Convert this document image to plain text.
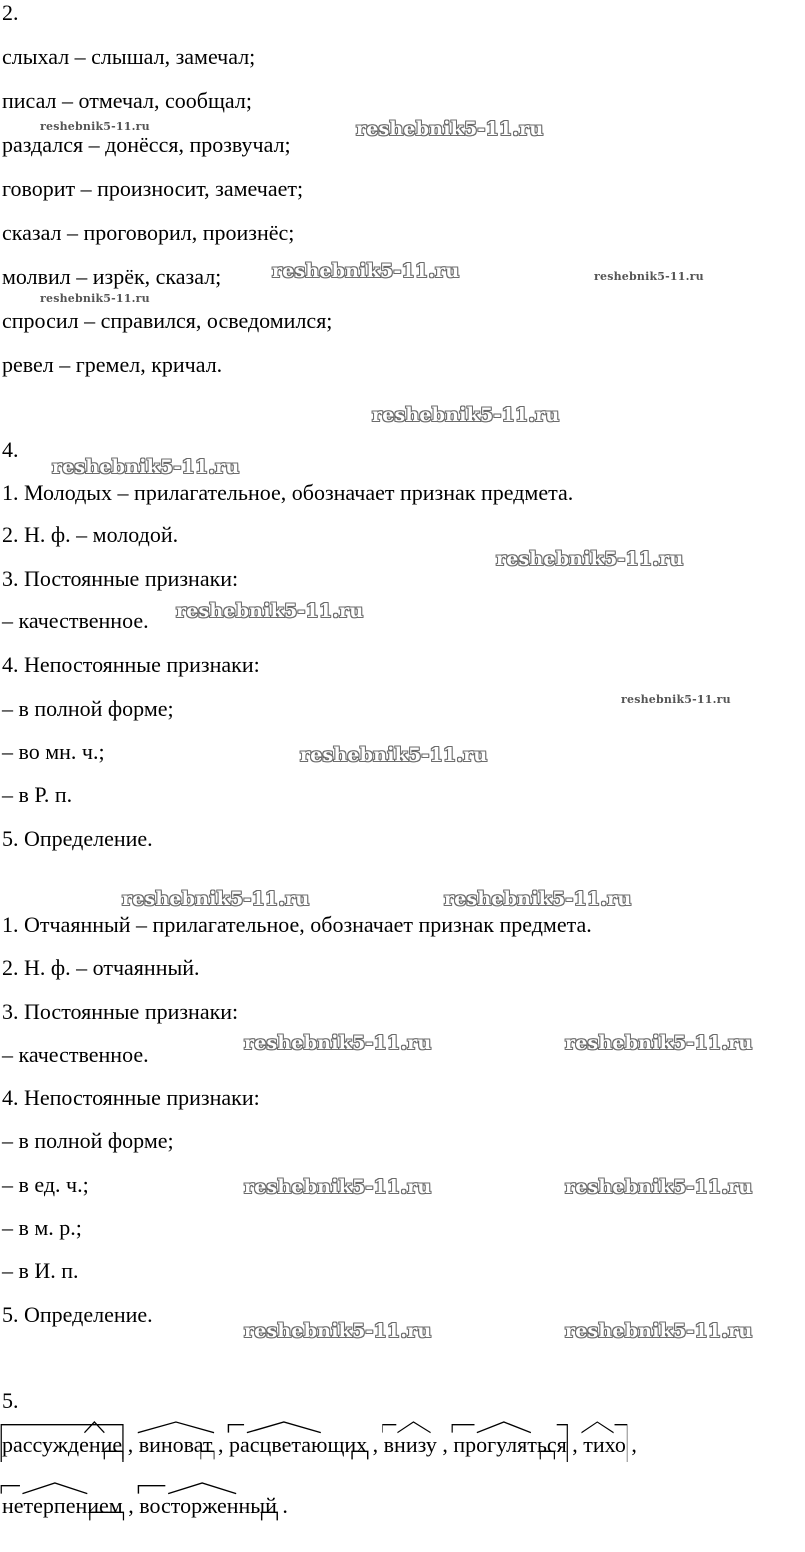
2.
слыхал – слышал, замечал;
писал – отмечал, сообщал;
раздался – донёсся, прозвучал;
говорит – произносит, замечает;
сказал – проговорил, произнёс;
молвил – изрёк, сказал;
спросил – справился, осведомился;
ревел – гремел, кричал.
4.
1. Молодых – прилагательное, обозначает признак предмета.
2. Н. ф. – молодой.
3. Постоянные признаки:
– качественное.
4. Непостоянные признаки:
– в полной форме;
– во мн. ч.;
– в Р. п.
5. Определение.
1. Отчаянный – прилагательное, обозначает признак предмета.
2. Н. ф. – отчаянный.
3. Постоянные признаки:
– качественное.
4. Непостоянные признаки:
– в полной форме;
– в ед. ч.;
– в м. р.;
– в И. п.
5. Определение.
5.
рассуждение , виноват , расцветающих , внизу , прогуляться , тихо ,
нетерпением , восторженный .
reshebnik5-11.ru	reshebnik5-11.ru
reshebnik5-11.ru	reshebnik5-11.ru
reshebnik5-11.ru
reshebnik5-11.ru
reshebnik5-11.ru
reshebnik5-11.ru
reshebnik5-11.ru
reshebnik5-11.ru
reshebnik5-11.ru
reshebnik5-11.ru	reshebnik5-11.ru
reshebnik5-11.ru	reshebnik5-11.ru
reshebnik5-11.ru	reshebnik5-11.ru
reshebnik5-11.ru	reshebnik5-11.ru
